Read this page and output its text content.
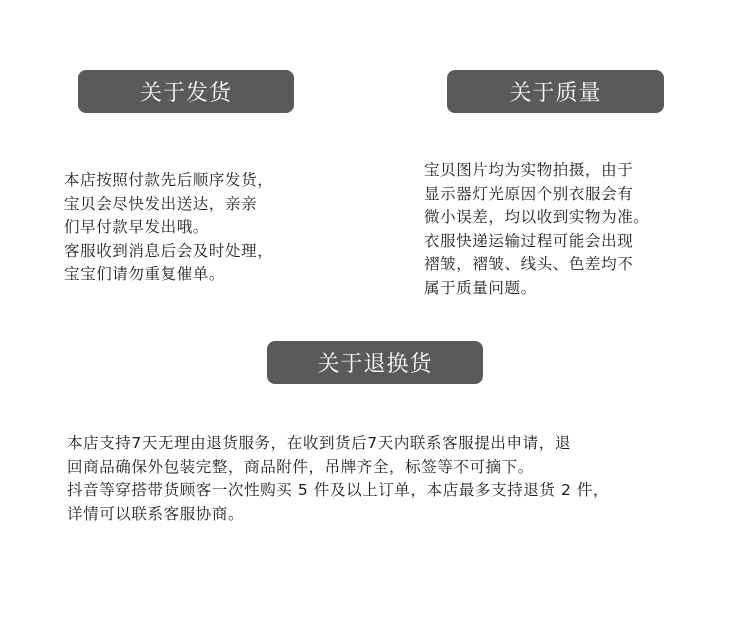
关于发货	关于质量
本店按照付款先后顺序发货，
宝贝会尽快发出送达，亲亲
们早付款早发出哦。
客服收到消息后会及时处理，
宝宝们请勿重复催单。
宝贝图片均为实物拍摄，由于
显示器灯光原因个别衣服会有
微小误差，均以收到实物为准。
衣服快递运输过程可能会出现
褶皱，褶皱、线头、色差均不
属于质量问题。
关于退换货
本店支持7天无理由退货服务，在收到货后7天内联系客服提出申请，退
回商品确保外包装完整，商品附件，吊牌齐全，标签等不可摘下。
抖音等穿搭带货顾客一次性购买 5 件及以上订单，本店最多支持退货 2 件，
详情可以联系客服协商。
